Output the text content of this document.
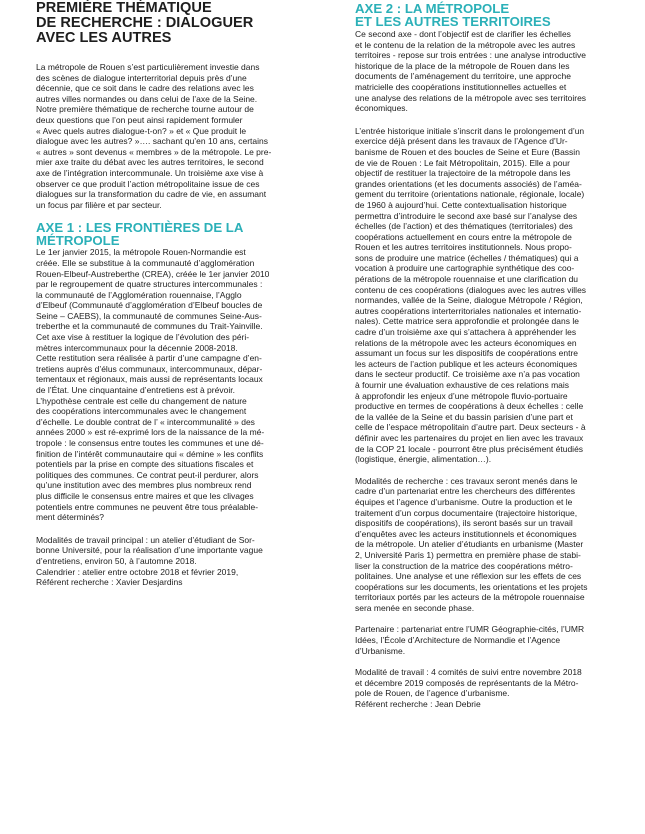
PREMIÈRE THÉMATIQUE
DE RECHERCHE : DIALOGUER
AVEC LES AUTRES

La métropole de Rouen s’est particulièrement investie dans
des scènes de dialogue interterritorial depuis près d’une
décennie, que ce soit dans le cadre des relations avec les
autres villes normandes ou dans celui de l’axe de la Seine.
Notre première thématique de recherche tourne autour de
deux questions que l’on peut ainsi rapidement formuler
« Avec quels autres dialogue-t-on? » et « Que produit le
dialogue avec les autres? »…. sachant qu’en 10 ans, certains
« autres » sont devenus « membres » de la métropole. Le pre-
mier axe traite du débat avec les autres territoires, le second
axe de l’intégration intercommunale. Un troisième axe vise à
observer ce que produit l’action métropolitaine issue de ces
dialogues sur la transformation du cadre de vie, en assumant
un focus par filière et par secteur.

AXE 1 : LES FRONTIÈRES DE LA MÉTROPOLE

Le 1er janvier 2015, la métropole Rouen-Normandie est
créée. Elle se substitue à la communauté d’agglomération
Rouen-Elbeuf-Austreberthe (CREA), créée le 1er janvier 2010
par le regroupement de quatre structures intercommunales :
la communauté de l’Agglomération rouennaise, l’Agglo
d’Elbeuf (Communauté d’agglomération d’Elbeuf boucles de
Seine – CAEBS), la communauté de communes Seine-Aus-
treberthe et la communauté de communes du Trait-Yainville.
Cet axe vise à restituer la logique de l’évolution des péri-
mètres intercommunaux pour la décennie 2008-2018.
Cette restitution sera réalisée à partir d’une campagne d’en-
tretiens auprès d’élus communaux, intercommunaux, dépar-
tementaux et régionaux, mais aussi de représentants locaux
de l’État. Une cinquantaine d’entretiens est à prévoir.
L’hypothèse centrale est celle du changement de nature
des coopérations intercommunales avec le changement
d’échelle. Le double contrat de l’ « intercommunalité » des
années 2000 » est ré-exprimé lors de la naissance de la mé-
tropole : le consensus entre toutes les communes et une dé-
finition de l’intérêt communautaire qui « démine » les conflits
potentiels par la prise en compte des situations fiscales et
politiques des communes. Ce contrat peut-il perdurer, alors
qu’une institution avec des membres plus nombreux rend
plus difficile le consensus entre maires et que les clivages
potentiels entre communes ne peuvent être tous préalable-
ment déterminés?

Modalités de travail principal : un atelier d’étudiant de Sor-
bonne Université, pour la réalisation d’une importante vague
d’entretiens, environ 50, à l’automne 2018.
Calendrier : atelier entre octobre 2018 et février 2019,
Référent recherche : Xavier Desjardins

AXE 2 : LA MÉTROPOLE
ET LES AUTRES TERRITOIRES

Ce second axe - dont l’objectif est de clarifier les échelles
et le contenu de la relation de la métropole avec les autres
territoires - repose sur trois entrées : une analyse introductive
historique de la place de la métropole de Rouen dans les
documents de l’aménagement du territoire, une approche
matricielle des coopérations institutionnelles actuelles et
une analyse des relations de la métropole avec ses territoires
économiques.

L’entrée historique initiale s’inscrit dans le prolongement d’un
exercice déjà présent dans les travaux de l’Agence d’Ur-
banisme de Rouen et des boucles de Seine et Eure (Bassin
de vie de Rouen : Le fait Métropolitain, 2015). Elle a pour
objectif de restituer la trajectoire de la métropole dans les
grandes orientations (et les documents associés) de l’améa-
gement du territoire (orientations nationale, régionale, locale)
de 1960 à aujourd’hui. Cette contextualisation historique
permettra d’introduire le second axe basé sur l’analyse des
échelles (de l’action) et des thématiques (territoriales) des
coopérations actuellement en cours entre la métropole de
Rouen et les autres territoires institutionnels. Nous propo-
sons de produire une matrice (échelles / thématiques) qui a
vocation à produire une cartographie synthétique des coo-
pérations de la métropole rouennaise et une clarification du
contenu de ces coopérations (dialogues avec les autres villes
normandes, vallée de la Seine, dialogue Métropole / Région,
autres coopérations interterritoriales nationales et internatio-
nales). Cette matrice sera approfondie et prolongée dans le
cadre d’un troisième axe qui s’attachera à appréhender les
relations de la métropole avec les acteurs économiques en
assumant un focus sur les dispositifs de coopérations entre
les acteurs de l’action publique et les acteurs économiques
dans le secteur productif. Ce troisième axe n’a pas vocation
à fournir une évaluation exhaustive de ces relations mais
à approfondir les enjeux d’une métropole fluvio-portuaire
productive en termes de coopérations à deux échelles : celle
de la vallée de la Seine et du bassin parisien d’une part et
celle de l’espace métropolitain d’autre part. Deux secteurs - à
définir avec les partenaires du projet en lien avec les travaux
de la COP 21 locale - pourront être plus précisément étudiés
(logistique, énergie, alimentation…).

Modalités de recherche : ces travaux seront menés dans le
cadre d’un partenariat entre les chercheurs des différentes
équipes et l’agence d’urbanisme. Outre la production et le
traitement d’un corpus documentaire (trajectoire historique,
dispositifs de coopérations), ils seront basés sur un travail
d’enquêtes avec les acteurs institutionnels et économiques
de la métropole. Un atelier d’étudiants en urbanisme (Master
2, Université Paris 1) permettra en première phase de stabi-
liser la construction de la matrice des coopérations métro-
politaines. Une analyse et une réflexion sur les effets de ces
coopérations sur les documents, les orientations et les projets
territoriaux portés par les acteurs de la métropole rouennaise
sera menée en seconde phase.

Partenaire : partenariat entre l’UMR Géographie-cités, l’UMR
Idées, l’École d’Architecture de Normandie et l’Agence
d’Urbanisme.

Modalité de travail : 4 comités de suivi entre novembre 2018
et décembre 2019 composés de représentants de la Métro-
pole de Rouen, de l’agence d’urbanisme.
Référent recherche : Jean Debrie
